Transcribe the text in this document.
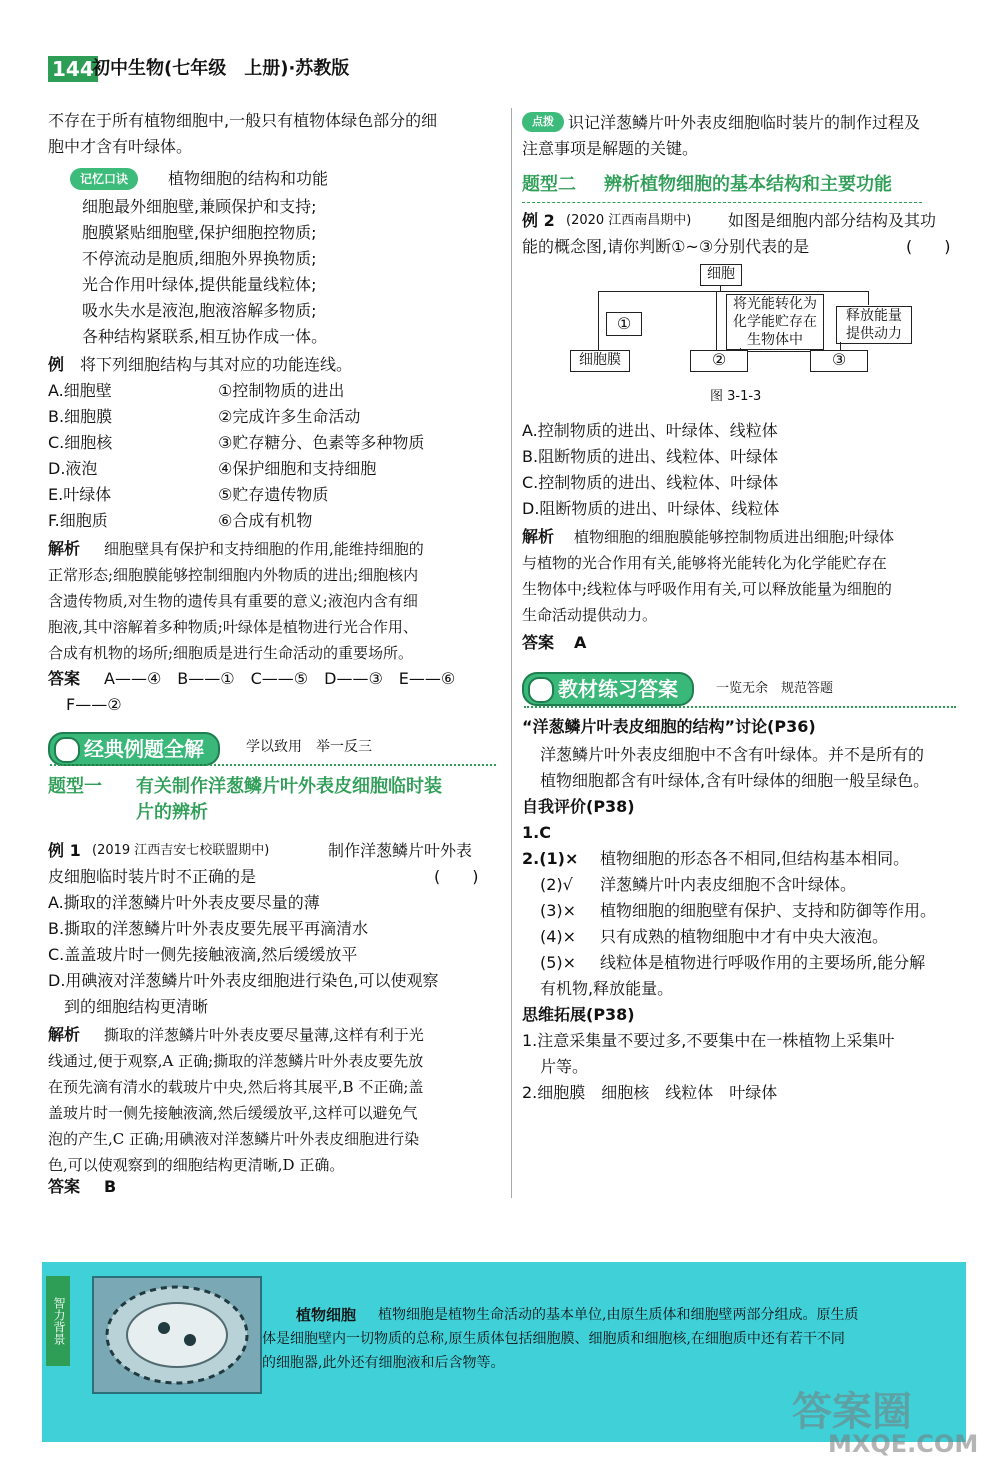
144
初中生物(七年级　上册)·苏教版
不存在于所有植物细胞中,一般只有植物体绿色部分的细
胞中才含有叶绿体。
记忆口诀	植物细胞的结构和功能
细胞最外细胞壁,兼顾保护和支持;
胞膜紧贴细胞壁,保护细胞控物质;
不停流动是胞质,细胞外界换物质;
光合作用叶绿体,提供能量线粒体;
吸水失水是液泡,胞液溶解多物质;
各种结构紧联系,相互协作成一体。
例 将下列细胞结构与其对应的功能连线。
A.细胞壁	①控制物质的进出
B.细胞膜	②完成许多生命活动
C.细胞核	③贮存糖分、色素等多种物质
D.液泡	④保护细胞和支持细胞
E.叶绿体	⑤贮存遗传物质
F.细胞质	⑥合成有机物
解析 细胞壁具有保护和支持细胞的作用,能维持细胞的
正常形态;细胞膜能够控制细胞内外物质的进出;细胞核内
含遗传物质,对生物的遗传具有重要的意义;液泡内含有细
胞液,其中溶解着多种物质;叶绿体是植物进行光合作用、
合成有机物的场所;细胞质是进行生命活动的重要场所。
答案 A——④　B——①　C——⑤　D——③　E——⑥
F——②
经典例题全解	学以致用　举一反三
题型一 有关制作洋葱鳞片叶外表皮细胞临时装
片的辨析
例 1 (2019 江西吉安七校联盟期中)	制作洋葱鳞片叶外表
皮细胞临时装片时不正确的是	(　　)
A.撕取的洋葱鳞片叶外表皮要尽量的薄
B.撕取的洋葱鳞片叶外表皮要先展平再滴清水
C.盖盖玻片时一侧先接触液滴,然后缓缓放平
D.用碘液对洋葱鳞片叶外表皮细胞进行染色,可以使观察
　到的细胞结构更清晰
解析 撕取的洋葱鳞片叶外表皮要尽量薄,这样有利于光
线通过,便于观察,A 正确;撕取的洋葱鳞片叶外表皮要先放
在预先滴有清水的载玻片中央,然后将其展平,B 不正确;盖
盖玻片时一侧先接触液滴,然后缓缓放平,这样可以避免气
泡的产生,C 正确;用碘液对洋葱鳞片叶外表皮细胞进行染
色,可以使观察到的细胞结构更清晰,D 正确。
答案 B
点拨 识记洋葱鳞片叶外表皮细胞临时装片的制作过程及
注意事项是解题的关键。
题型二 辨析植物细胞的基本结构和主要功能
例 2 (2020 江西南昌期中) 如图是细胞内部分结构及其功
能的概念图,请你判断①~③分别代表的是	(　　)
细胞
①
将光能转化为
化学能贮存在
生物体中
释放能量
提供动力
细胞膜	②	③
图 3-1-3
A.控制物质的进出、叶绿体、线粒体
B.阻断物质的进出、线粒体、叶绿体
C.控制物质的进出、线粒体、叶绿体
D.阻断物质的进出、叶绿体、线粒体
解析 植物细胞的细胞膜能够控制物质进出细胞;叶绿体
与植物的光合作用有关,能够将光能转化为化学能贮存在
生物体中;线粒体与呼吸作用有关,可以释放能量为细胞的
生命活动提供动力。
答案 A
教材练习答案	一览无余　规范答题
“洋葱鳞片叶表皮细胞的结构”讨论(P36)
洋葱鳞片叶外表皮细胞中不含有叶绿体。并不是所有的
植物细胞都含有叶绿体,含有叶绿体的细胞一般呈绿色。
自我评价(P38)
1.C
2.(1)× 植物细胞的形态各不相同,但结构基本相同。
(2)√ 洋葱鳞片叶内表皮细胞不含叶绿体。
(3)× 植物细胞的细胞壁有保护、支持和防御等作用。
(4)× 只有成熟的植物细胞中才有中央大液泡。
(5)× 线粒体是植物进行呼吸作用的主要场所,能分解
有机物,释放能量。
思维拓展(P38)
1.注意采集量不要过多,不要集中在一株植物上采集叶
片等。
2.细胞膜　细胞核　线粒体　叶绿体
智力背景	植物细胞 植物细胞是植物生命活动的基本单位,由原生质体和细胞壁两部分组成。原生质
体是细胞壁内一切物质的总称,原生质体包括细胞膜、细胞质和细胞核,在细胞质中还有若干不同
的细胞器,此外还有细胞液和后含物等。
答案圈
MXQE.COM
